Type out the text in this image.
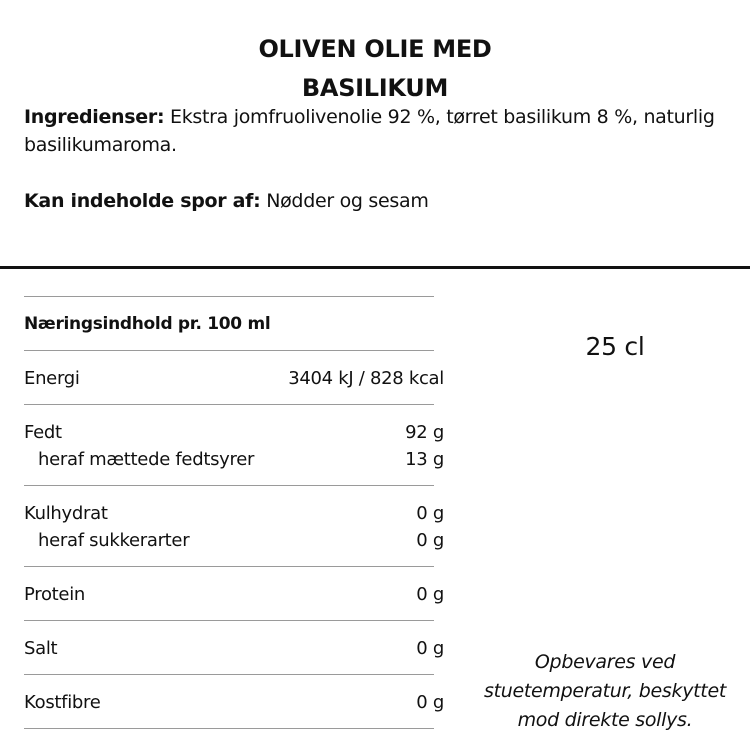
OLIVEN OLIE MED
BASILIKUM
Ingredienser: Ekstra jomfruolivenolie 92 %, tørret basilikum 8 %, naturlig basilikumaroma.
Kan indeholde spor af: Nødder og sesam
Næringsindhold pr. 100 ml
Energi	3404 kJ / 828 kcal
Fedt	92 g
heraf mættede fedtsyrer	13 g
Kulhydrat	0 g
heraf sukkerarter	0 g
Protein	0 g
Salt	0 g
Kostfibre	0 g
25 cl
Opbevares ved
stuetemperatur, beskyttet
mod direkte sollys.
